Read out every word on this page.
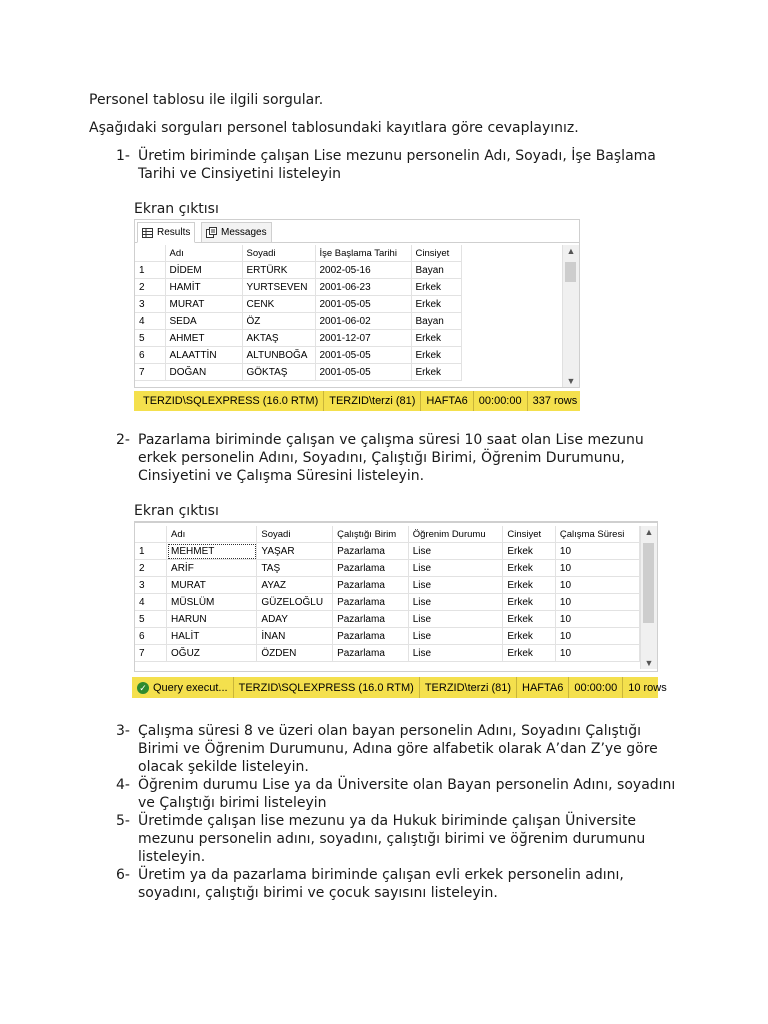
Personel tablosu ile ilgili sorgular.

Aşağıdaki sorguları personel tablosundaki kayıtlara göre cevaplayınız.

1- Üretim biriminde çalışan Lise mezunu personelin Adı, Soyadı, İşe Başlama
Tarihi ve Cinsiyetini listeleyin
Ekran çıktısı
Results	Messages
	Adı	Soyadi	İşe Başlama Tarihi	Cinsiyet
1	DİDEM	ERTÜRK	2002-05-16	Bayan
2	HAMİT	YURTSEVEN	2001-06-23	Erkek
3	MURAT	CENK	2001-05-05	Erkek
4	SEDA	ÖZ	2001-06-02	Bayan
5	AHMET	AKTAŞ	2001-12-07	Erkek
6	ALAATTİN	ALTUNBOĞA	2001-05-05	Erkek
7	DOĞAN	GÖKTAŞ	2001-05-05	Erkek
▲
▼
TERZID\SQLEXPRESS (16.0 RTM)	TERZID\terzi (81)	HAFTA6	00:00:00	337 rows
2- Pazarlama biriminde çalışan ve çalışma süresi 10 saat olan Lise mezunu
erkek personelin Adını, Soyadını, Çalıştığı Birimi, Öğrenim Durumunu,
Cinsiyetini ve Çalışma Süresini listeleyin.
Ekran çıktısı
	Adı	Soyadi	Çalıştığı Birim	Öğrenim Durumu	Cinsiyet	Çalışma Süresi
1	MEHMET	YAŞAR	Pazarlama	Lise	Erkek	10
2	ARİF	TAŞ	Pazarlama	Lise	Erkek	10
3	MURAT	AYAZ	Pazarlama	Lise	Erkek	10
4	MÜSLÜM	GÜZELOĞLU	Pazarlama	Lise	Erkek	10
5	HARUN	ADAY	Pazarlama	Lise	Erkek	10
6	HALİT	İNAN	Pazarlama	Lise	Erkek	10
7	OĞUZ	ÖZDEN	Pazarlama	Lise	Erkek	10
▲
▼
✓ Query execut...	TERZID\SQLEXPRESS (16.0 RTM)	TERZID\terzi (81)	HAFTA6	00:00:00	10 rows
3- Çalışma süresi 8 ve üzeri olan bayan personelin Adını, Soyadını Çalıştığı
Birimi ve Öğrenim Durumunu, Adına göre alfabetik olarak A’dan Z’ye göre
olacak şekilde listeleyin.
4- Öğrenim durumu Lise ya da Üniversite olan Bayan personelin Adını, soyadını
ve Çalıştığı birimi listeleyin
5- Üretimde çalışan lise mezunu ya da Hukuk biriminde çalışan Üniversite
mezunu personelin adını, soyadını, çalıştığı birimi ve öğrenim durumunu
listeleyin.
6- Üretim ya da pazarlama biriminde çalışan evli erkek personelin adını,
soyadını, çalıştığı birimi ve çocuk sayısını listeleyin.
